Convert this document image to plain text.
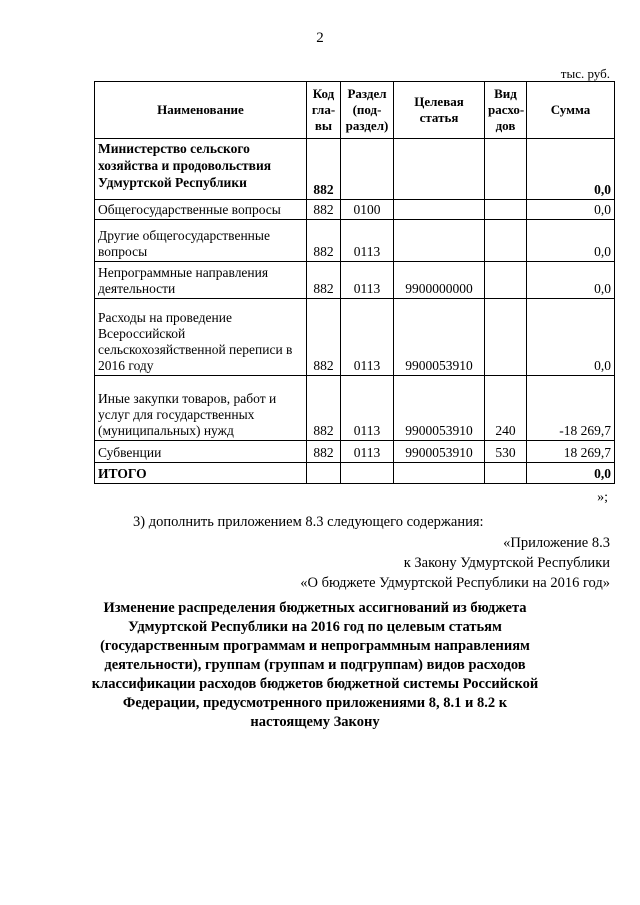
2
тыс. руб.
Наименование	Код гла-вы	Раздел (под-раздел)	Целевая статья	Вид расхо-дов	Сумма
Министерство сельского хозяйства и продовольствия Удмуртской Республики	882				0,0
Общегосударственные вопросы	882	0100			0,0
Другие общегосударственные вопросы	882	0113			0,0
Непрограммные направления деятельности	882	0113	9900000000		0,0
Расходы на проведение Всероссийской сельскохозяйственной переписи в 2016 году	882	0113	9900053910		0,0
Иные закупки товаров, работ и услуг для государственных (муниципальных) нужд	882	0113	9900053910	240	-18 269,7
Субвенции	882	0113	9900053910	530	18 269,7
ИТОГО					0,0
»;
3) дополнить приложением 8.3 следующего содержания:
«Приложение 8.3
к Закону Удмуртской Республики
«О бюджете Удмуртской Республики на 2016 год»
Изменение распределения бюджетных ассигнований из бюджета Удмуртской Республики на 2016 год по целевым статьям (государственным программам и непрограммным направлениям деятельности), группам (группам и подгруппам) видов расходов классификации расходов бюджетов бюджетной системы Российской Федерации, предусмотренного приложениями 8, 8.1 и 8.2 к настоящему Закону
